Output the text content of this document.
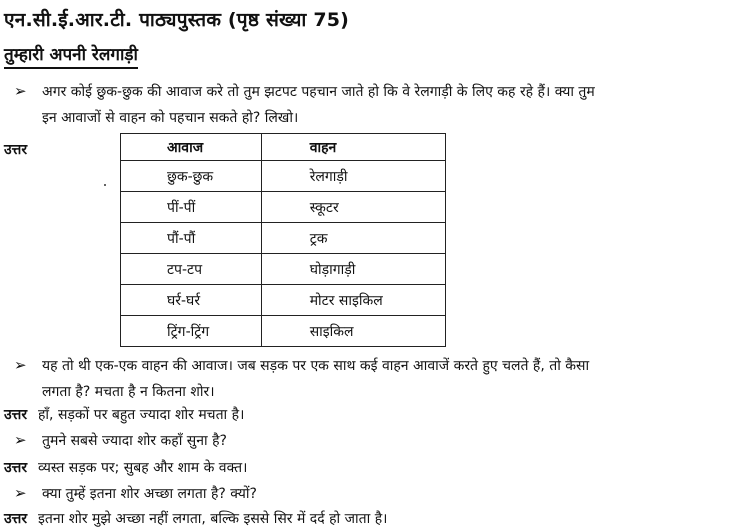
एन.सी.ई.आर.टी. पाठ्यपुस्तक (पृष्ठ संख्या 75)
तुम्हारी अपनी रेलगाड़ी
➢ अगर कोई छुक-छुक की आवाज करे तो तुम झटपट पहचान जाते हो कि वे रेलगाड़ी के लिए कह रहे हैं। क्या तुम
इन आवाजों से वाहन को पहचान सकते हो? लिखो।
उत्तर	आवाज	वाहन
छुक-छुक	रेलगाड़ी
पीं-पीं	स्कूटर
पौं-पौं	ट्रक
टप-टप	घोड़ागाड़ी
घर्र-घर्र	मोटर साइकिल
ट्रिंग-ट्रिंग	साइकिल
➢ यह तो थी एक-एक वाहन की आवाज। जब सड़क पर एक साथ कई वाहन आवाजें करते हुए चलते हैं, तो कैसा
लगता है? मचता है न कितना शोर।
उत्तर हाँ, सड़कों पर बहुत ज्यादा शोर मचता है।
➢ तुमने सबसे ज्यादा शोर कहाँ सुना है?
उत्तर व्यस्त सड़क पर; सुबह और शाम के वक्त।
➢ क्या तुम्हें इतना शोर अच्छा लगता है? क्यों?
उत्तर इतना शोर मुझे अच्छा नहीं लगता, बल्कि इससे सिर में दर्द हो जाता है।
